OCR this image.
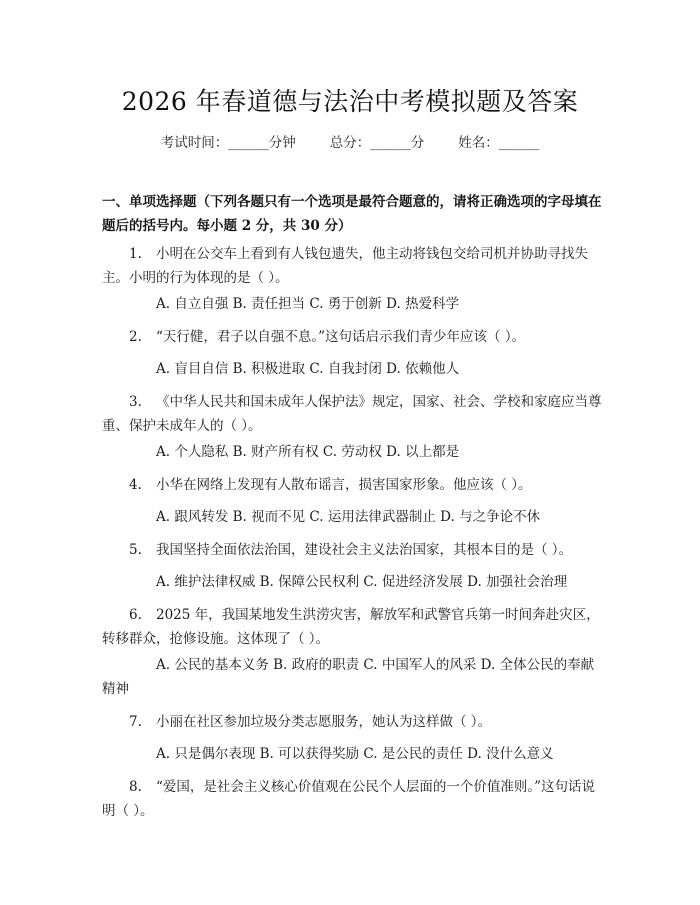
2026 年春道德与法治中考模拟题及答案
考试时间：______分钟	总分：______分	姓名：______
一、单项选择题（下列各题只有一个选项是最符合题意的，请将正确选项的字母填在题后的括号内。每小题 2 分，共 30 分）
1. 小明在公交车上看到有人钱包遗失，他主动将钱包交给司机并协助寻找失主。小明的行为体现的是（ ）。
A. 自立自强 B. 责任担当 C. 勇于创新 D. 热爱科学
2. “天行健，君子以自强不息。”这句话启示我们青少年应该（ ）。
A. 盲目自信 B. 积极进取 C. 自我封闭 D. 依赖他人
3. 《中华人民共和国未成年人保护法》规定，国家、社会、学校和家庭应当尊重、保护未成年人的（ ）。
A. 个人隐私 B. 财产所有权 C. 劳动权 D. 以上都是
4. 小华在网络上发现有人散布谣言，损害国家形象。他应该（ ）。
A. 跟风转发 B. 视而不见 C. 运用法律武器制止 D. 与之争论不休
5. 我国坚持全面依法治国，建设社会主义法治国家，其根本目的是（ ）。
A. 维护法律权威 B. 保障公民权利 C. 促进经济发展 D. 加强社会治理
6. 2025 年，我国某地发生洪涝灾害，解放军和武警官兵第一时间奔赴灾区，转移群众，抢修设施。这体现了（ ）。
A. 公民的基本义务 B. 政府的职责 C. 中国军人的风采 D. 全体公民的奉献精神
7. 小丽在社区参加垃圾分类志愿服务，她认为这样做（ ）。
A. 只是偶尔表现 B. 可以获得奖励 C. 是公民的责任 D. 没什么意义
8. “爱国，是社会主义核心价值观在公民个人层面的一个价值准则。”这句话说明（ ）。
